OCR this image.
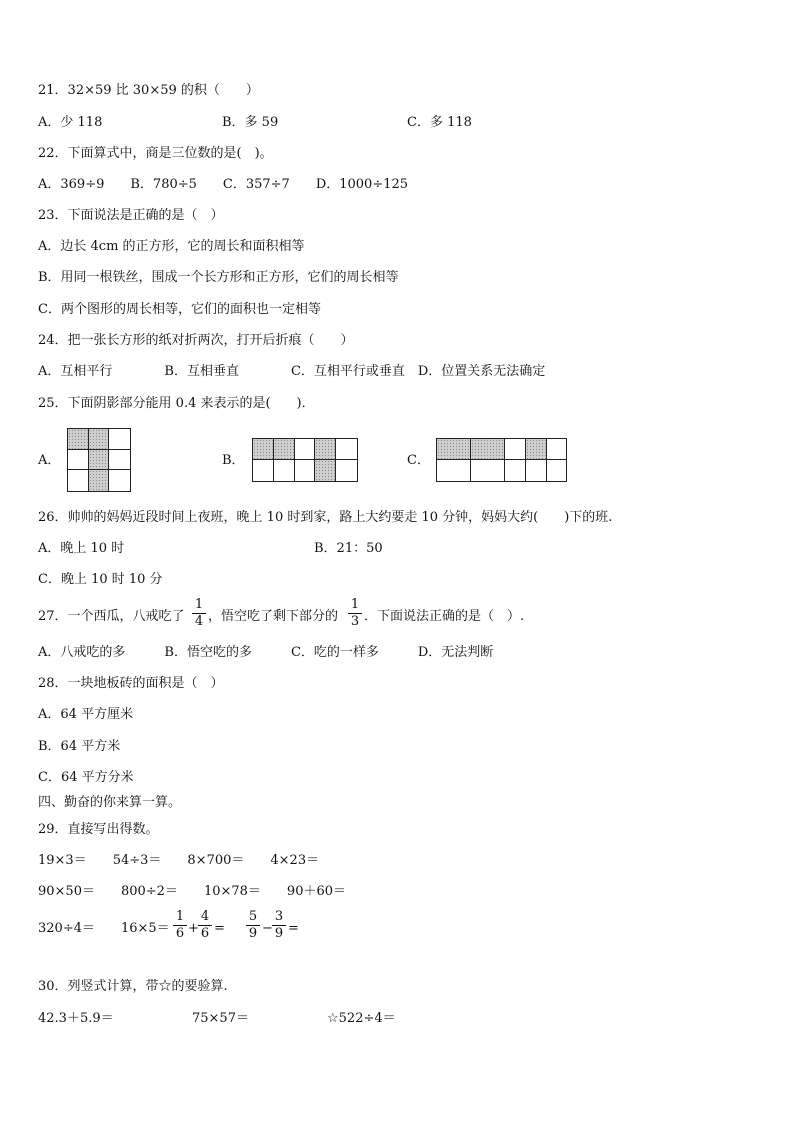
21．32×59 比 30×59 的积（　　）
A．少 118	B．多 59	C．多 118
22．下面算式中，商是三位数的是(　)。
A．369÷9　　B．780÷5　　C．357÷7　　D．1000÷125
23．下面说法是正确的是（　）
A．边长 4cm 的正方形，它的周长和面积相等
B．用同一根铁丝，围成一个长方形和正方形，它们的周长相等
C．两个图形的周长相等，它们的面积也一定相等
24．把一张长方形的纸对折两次，打开后折痕（　　）
A．互相平行　　　　B．互相垂直　　　　C．互相平行或垂直　D．位置关系无法确定
25．下面阴影部分能用 0.4 来表示的是(　　)．
A．	B．	C．
26．帅帅的妈妈近段时间上夜班，晚上 10 时到家，路上大约要走 10 分钟，妈妈大约(　　)下的班.
A．晚上 10 时	B．21：50
C．晚上 10 时 10 分
27．一个西瓜，八戒吃了 $\frac{1}{4}$ ，悟空吃了剩下部分的 $\frac{1}{3}$ ．下面说法正确的是（　）.
A．八戒吃的多　　　B．悟空吃的多　　　C．吃的一样多　　　D．无法判断
28．一块地板砖的面积是（　）
A．64 平方厘米
B．64 平方米
C．64 平方分米
四、勤奋的你来算一算。
29．直接写出得数。
19×3＝　　54÷3＝　　8×700＝　　4×23＝
90×50＝　　800÷2＝　　10×78＝　　90＋60＝
320÷4＝　　$16\times 5= \frac{1}{6} + \frac{4}{6} = \frac{5}{9} - \frac{3}{9}$ =
30．列竖式计算，带☆的要验算.
42.3＋5.9＝	75×57＝	☆522÷4＝
